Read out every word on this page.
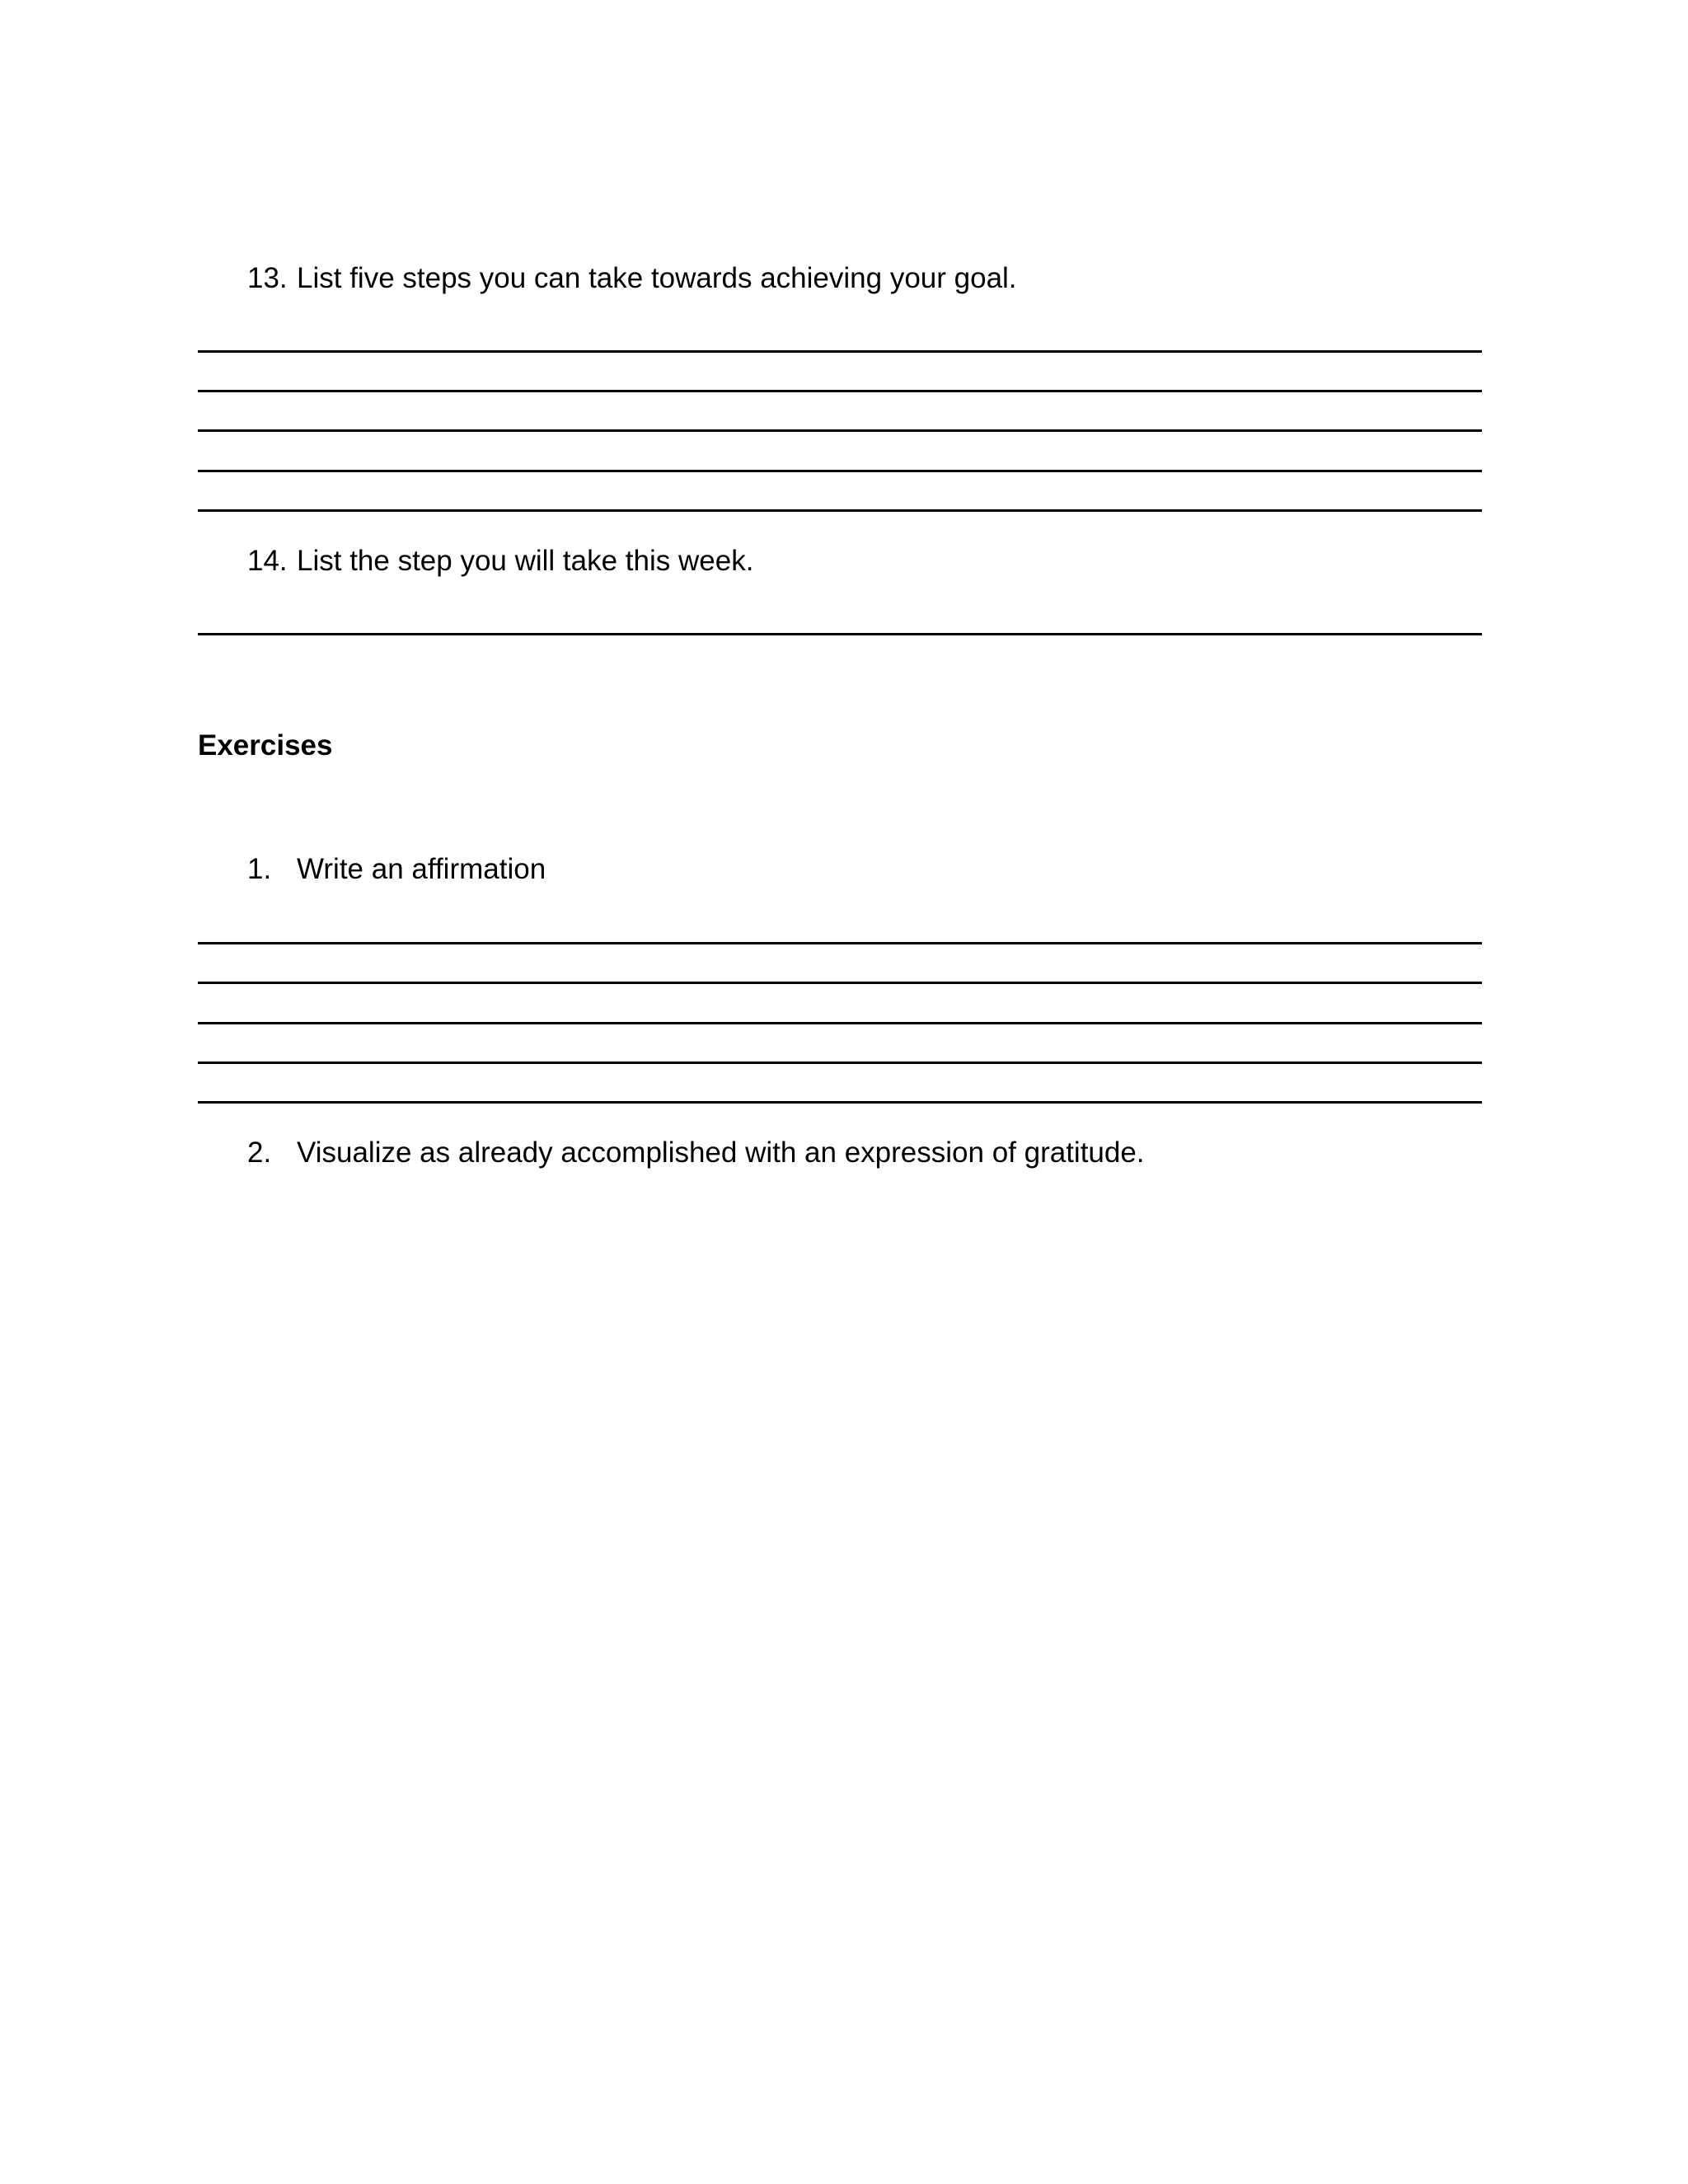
13. List five steps you can take towards achieving your goal.
14. List the step you will take this week.
Exercises
1. Write an affirmation
2. Visualize as already accomplished with an expression of gratitude.
